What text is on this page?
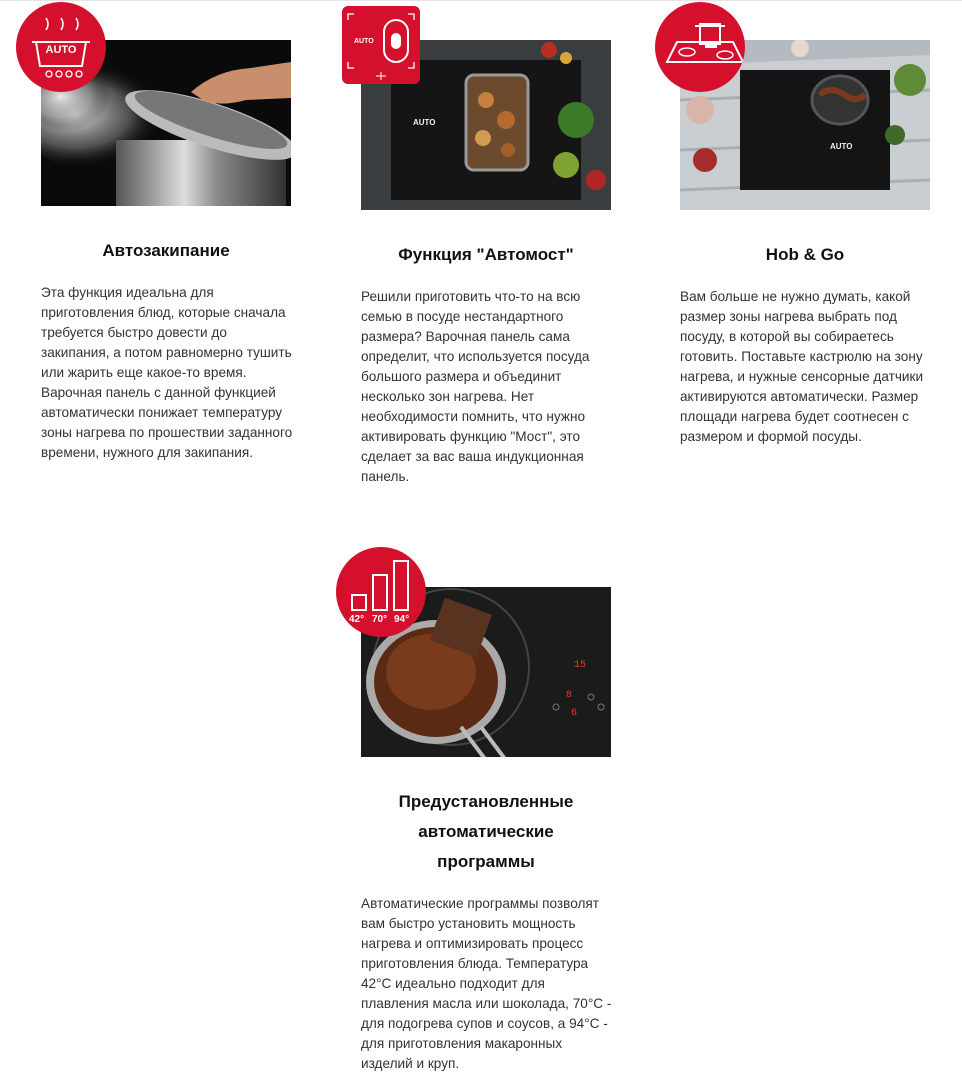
AUTO
Автозакипание

Эта функция идеальна для приготовления блюд, которые сначала требуется быстро довести до закипания, а потом равномерно тушить или жарить еще какое-то время. Варочная панель с данной функцией автоматически понижает температуру зоны нагрева по прошествии заданного времени, нужного для закипания.

AUTO
AUTO
Функция "Автомост"

Решили приготовить что-то на всю семью в посуде нестандартного размера? Варочная панель сама определит, что используется посуда большого размера и объединит несколько зон нагрева. Нет необходимости помнить, что нужно активировать функцию "Мост", это сделает за вас ваша индукционная панель.

AUTO
Hob & Go

Вам больше не нужно думать, какой размер зоны нагрева выбрать под посуду, в которой вы собираетесь готовить. Поставьте кастрюлю на зону нагрева, и нужные сенсорные датчики активируются автоматически. Размер площади нагрева будет соотнесен с размером и формой посуды.

15
8
6
42° 70° 94°
Предустановленные автоматические программы

Автоматические программы позволят вам быстро установить мощность нагрева и оптимизировать процесс приготовления блюда. Температура 42°C идеально подходит для плавления масла или шоколада, 70°C - для подогрева супов и соусов, а 94°C - для приготовления макаронных изделий и круп.
